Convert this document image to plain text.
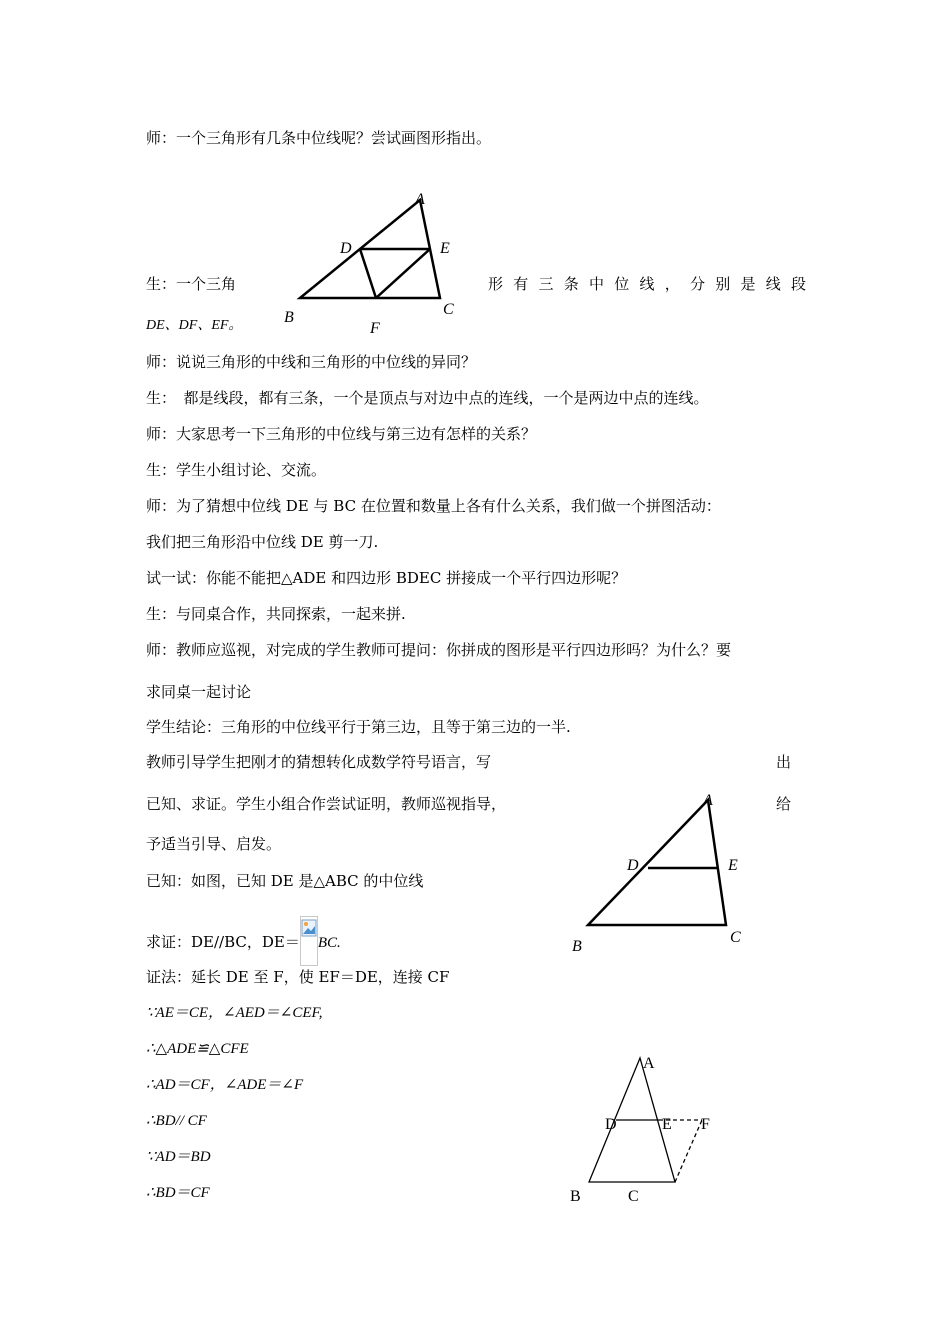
师：一个三角形有几条中位线呢？尝试画图形指出。
生：一个三角	形 有 三 条 中 位 线 ， 分 别 是 线 段
DE、DF、EF。
师：说说三角形的中线和三角形的中位线的异同？
生：　都是线段，都有三条，一个是顶点与对边中点的连线，一个是两边中点的连线。
师：大家思考一下三角形的中位线与第三边有怎样的关系？
生：学生小组讨论、交流。
师：为了猜想中位线 DE 与 BC 在位置和数量上各有什么关系，我们做一个拼图活动：
我们把三角形沿中位线 DE 剪一刀.
试一试：你能不能把△ADE 和四边形 BDEC 拼接成一个平行四边形呢？
生：与同桌合作，共同探索，一起来拼.
师：教师应巡视，对完成的学生教师可提问：你拼成的图形是平行四边形吗？为什么？要
求同桌一起讨论
学生结论：三角形的中位线平行于第三边，且等于第三边的一半.
教师引导学生把刚才的猜想转化成数学符号语言，写	出
已知、求证。学生小组合作尝试证明，教师巡视指导，	给
予适当引导、启发。
已知：如图，已知 DE 是△ABC 的中位线
求证：DE//BC，DE＝ BC.
证法：延长 DE 至 F，使 EF＝DE，连接 CF
∵AE＝CE，∠AED＝∠CEF,
∴△ADE≌△CFE
∴AD＝CF，∠ADE＝∠F
∴BD// CF
∵AD＝BD
∴BD＝CF
A
D	E
B	C
F
A
D	E
B
C
A
D	E F
B	C
